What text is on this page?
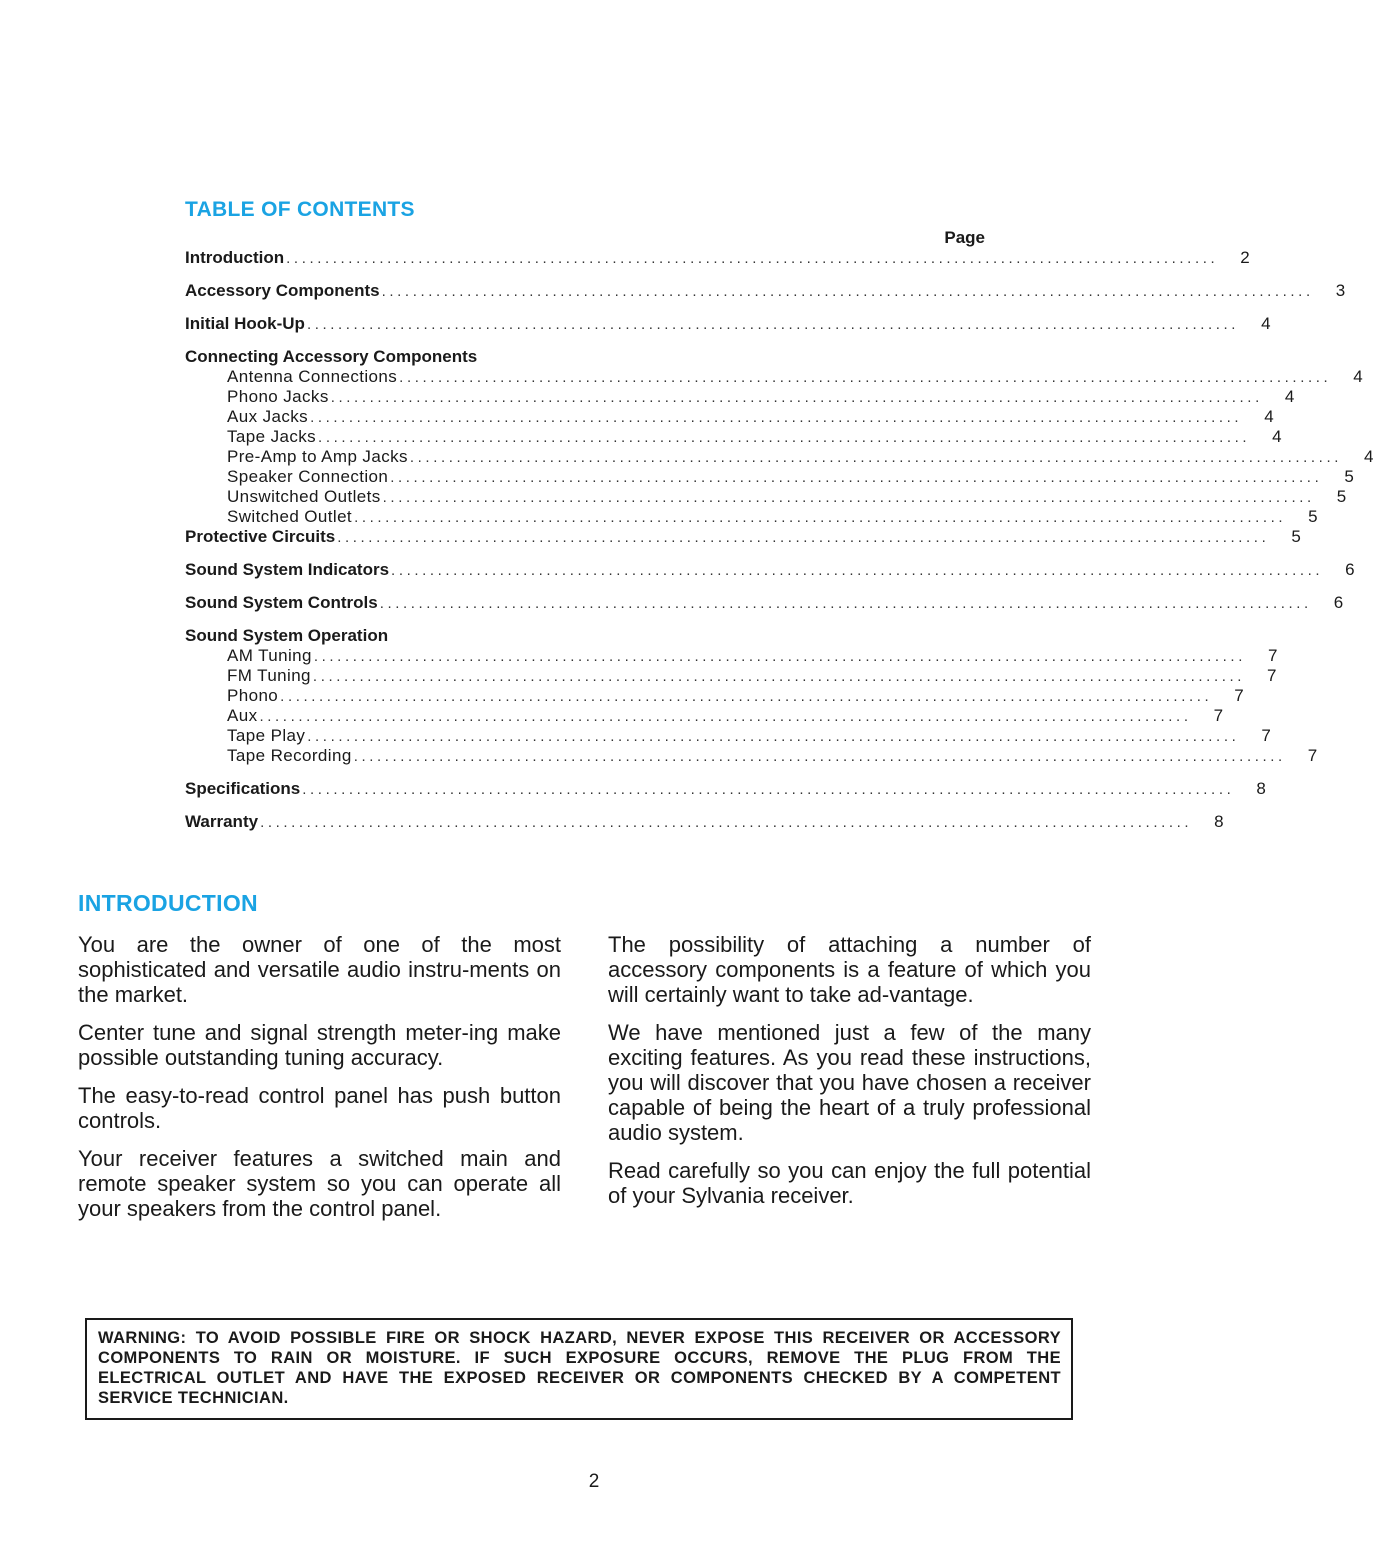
TABLE OF CONTENTS
Page
Introduction ........................................................................................................................ 2
Accessory Components ........................................................................................................................ 3
Initial Hook-Up ........................................................................................................................ 4
Connecting Accessory Components
Antenna Connections ........................................................................................................................ 4
Phono Jacks ........................................................................................................................ 4
Aux Jacks ........................................................................................................................ 4
Tape Jacks ........................................................................................................................ 4
Pre-Amp to Amp Jacks ........................................................................................................................ 4
Speaker Connection ........................................................................................................................ 5
Unswitched Outlets ........................................................................................................................ 5
Switched Outlet ........................................................................................................................ 5
Protective Circuits ........................................................................................................................ 5
Sound System Indicators ........................................................................................................................ 6
Sound System Controls ........................................................................................................................ 6
Sound System Operation
AM Tuning ........................................................................................................................ 7
FM Tuning ........................................................................................................................ 7
Phono ........................................................................................................................ 7
Aux ........................................................................................................................ 7
Tape Play ........................................................................................................................ 7
Tape Recording ........................................................................................................................ 7
Specifications ........................................................................................................................ 8
Warranty ........................................................................................................................ 8
INTRODUCTION

You are the owner of one of the most sophisticated and versatile audio instru-ments on the market.

Center tune and signal strength meter-ing make possible outstanding tuning accuracy.

The easy-to-read control panel has push button controls.

Your receiver features a switched main and remote speaker system so you can operate all your speakers from the control panel.

The possibility of attaching a number of accessory components is a feature of which you will certainly want to take ad-vantage.

We have mentioned just a few of the many exciting features. As you read these instructions, you will discover that you have chosen a receiver capable of being the heart of a truly professional audio system.

Read carefully so you can enjoy the full potential of your Sylvania receiver.

WARNING: TO AVOID POSSIBLE FIRE OR SHOCK HAZARD, NEVER EXPOSE THIS RECEIVER OR ACCESSORY COMPONENTS TO RAIN OR MOISTURE. IF SUCH EXPOSURE OCCURS, REMOVE THE PLUG FROM THE ELECTRICAL OUTLET AND HAVE THE EXPOSED RECEIVER OR COMPONENTS CHECKED BY A COMPETENT SERVICE TECHNICIAN.
2
